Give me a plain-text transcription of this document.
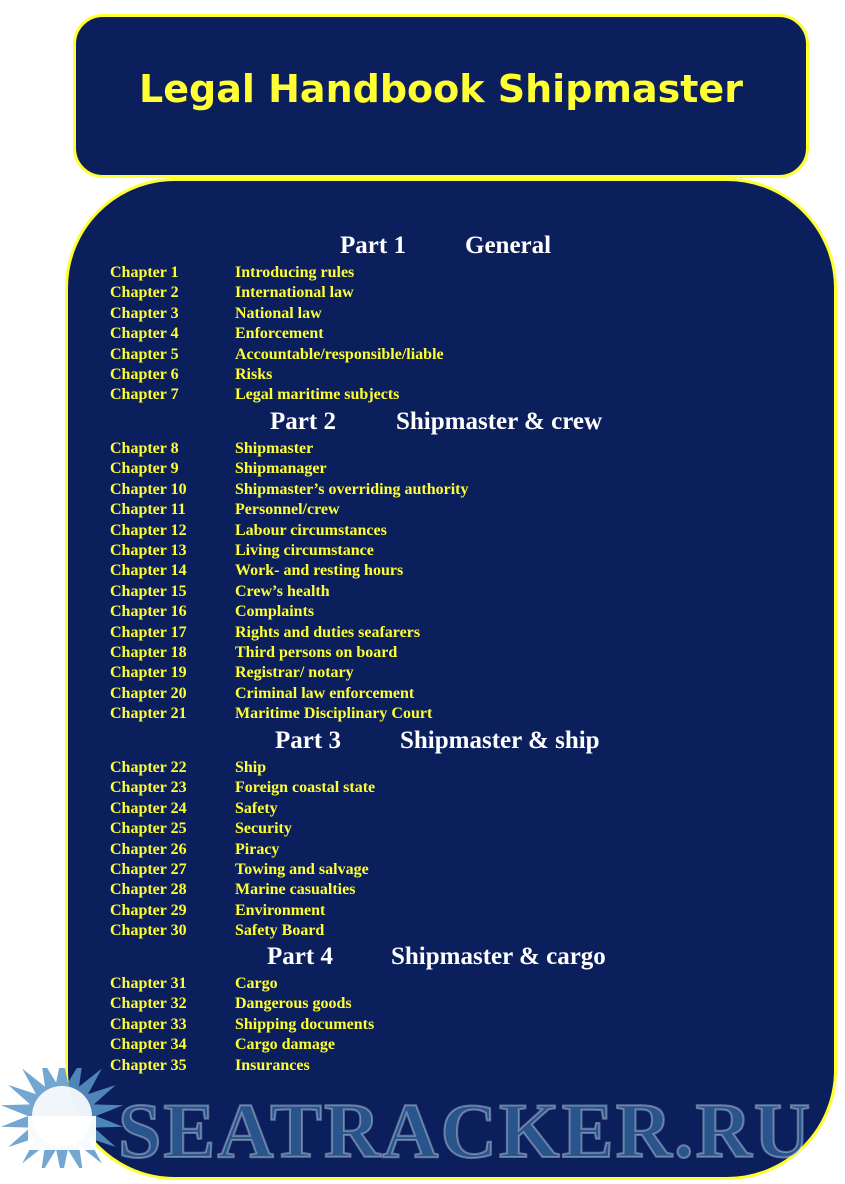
Legal Handbook Shipmaster
Part 1 General
Chapter 1	Introducing rules
Chapter 2	International law
Chapter 3	National law
Chapter 4	Enforcement
Chapter 5	Accountable/responsible/liable
Chapter 6	Risks
Chapter 7	Legal maritime subjects
Part 2 Shipmaster & crew
Chapter 8	Shipmaster
Chapter 9	Shipmanager
Chapter 10	Shipmaster’s overriding authority
Chapter 11	Personnel/crew
Chapter 12	Labour circumstances
Chapter 13	Living circumstance
Chapter 14	Work- and resting hours
Chapter 15	Crew’s health
Chapter 16	Complaints
Chapter 17	Rights and duties seafarers
Chapter 18	Third persons on board
Chapter 19	Registrar/ notary
Chapter 20	Criminal law enforcement
Chapter 21	Maritime Disciplinary Court
Part 3 Shipmaster & ship
Chapter 22	Ship
Chapter 23	Foreign coastal state
Chapter 24	Safety
Chapter 25	Security
Chapter 26	Piracy
Chapter 27	Towing and salvage
Chapter 28	Marine casualties
Chapter 29	Environment
Chapter 30	Safety Board
Part 4 Shipmaster & cargo
Chapter 31	Cargo
Chapter 32	Dangerous goods
Chapter 33	Shipping documents
Chapter 34	Cargo damage
Chapter 35	Insurances
SEATRACKER.RU
